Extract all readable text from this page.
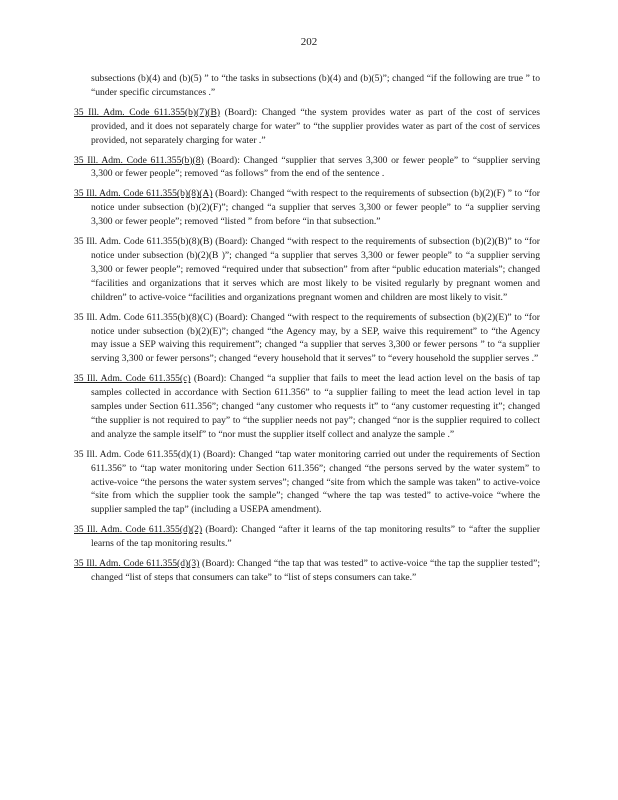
202

subsections (b)(4) and (b)(5) ” to “the tasks in subsections (b)(4) and (b)(5)”; changed “if the following are true ” to “under specific circumstances .”

35 Ill. Adm. Code 611.355(b)(7)(B) (Board): Changed “the system provides water as part of the cost of services provided, and it does not separately charge for water” to “the supplier provides water as part of the cost of services provided, not separately charging for water .”

35 Ill. Adm. Code 611.355(b)(8) (Board): Changed “supplier that serves 3,300 or fewer people” to “supplier serving 3,300 or fewer people”; removed “as follows” from the end of the sentence .

35 Ill. Adm. Code 611.355(b)(8)(A) (Board): Changed “with respect to the requirements of subsection (b)(2)(F) ” to “for notice under subsection (b)(2)(F)”; changed “a supplier that serves 3,300 or fewer people” to “a supplier serving 3,300 or fewer people”; removed “listed ” from before “in that subsection.”

35 Ill. Adm. Code 611.355(b)(8)(B) (Board): Changed “with respect to the requirements of subsection (b)(2)(B)” to “for notice under subsection (b)(2)(B )”; changed “a supplier that serves 3,300 or fewer people” to “a supplier serving 3,300 or fewer people”; removed “required under that subsection” from after “public education materials”; changed “facilities and organizations that it serves which are most likely to be visited regularly by pregnant women and children” to active-voice “facilities and organizations pregnant women and children are most likely to visit.”

35 Ill. Adm. Code 611.355(b)(8)(C) (Board): Changed “with respect to the requirements of subsection (b)(2)(E)” to “for notice under subsection (b)(2)(E)”; changed “the Agency may, by a SEP, waive this requirement” to “the Agency may issue a SEP waiving this requirement”; changed “a supplier that serves 3,300 or fewer persons ” to “a supplier serving 3,300 or fewer persons”; changed “every household that it serves” to “every household the supplier serves .”

35 Ill. Adm. Code 611.355(c) (Board): Changed “a supplier that fails to meet the lead action level on the basis of tap samples collected in accordance with Section 611.356” to “a supplier failing to meet the lead action level in tap samples under Section 611.356”; changed “any customer who requests it” to “any customer requesting it”; changed “the supplier is not required to pay” to “the supplier needs not pay”; changed “nor is the supplier required to collect and analyze the sample itself” to “nor must the supplier itself collect and analyze the sample .”

35 Ill. Adm. Code 611.355(d)(1) (Board): Changed “tap water monitoring carried out under the requirements of Section 611.356” to “tap water monitoring under Section 611.356”; changed “the persons served by the water system” to active-voice “the persons the water system serves”; changed “site from which the sample was taken” to active-voice “site from which the supplier took the sample”; changed “where the tap was tested” to active-voice “where the supplier sampled the tap” (including a USEPA amendment).

35 Ill. Adm. Code 611.355(d)(2) (Board): Changed “after it learns of the tap monitoring results” to “after the supplier learns of the tap monitoring results.”

35 Ill. Adm. Code 611.355(d)(3) (Board): Changed “the tap that was tested” to active-voice “the tap the supplier tested”; changed “list of steps that consumers can take” to “list of steps consumers can take.”
